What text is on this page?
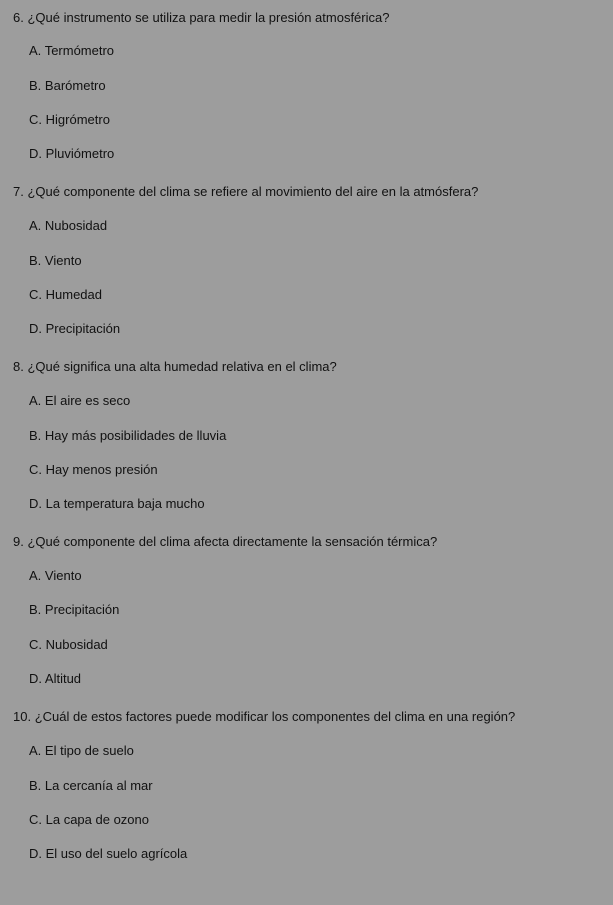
6. ¿Qué instrumento se utiliza para medir la presión atmosférica?
A. Termómetro
B. Barómetro
C. Higrómetro
D. Pluviómetro
7. ¿Qué componente del clima se refiere al movimiento del aire en la atmósfera?
A. Nubosidad
B. Viento
C. Humedad
D. Precipitación
8. ¿Qué significa una alta humedad relativa en el clima?
A. El aire es seco
B. Hay más posibilidades de lluvia
C. Hay menos presión
D. La temperatura baja mucho
9. ¿Qué componente del clima afecta directamente la sensación térmica?
A. Viento
B. Precipitación
C. Nubosidad
D. Altitud
10. ¿Cuál de estos factores puede modificar los componentes del clima en una región?
A. El tipo de suelo
B. La cercanía al mar
C. La capa de ozono
D. El uso del suelo agrícola
